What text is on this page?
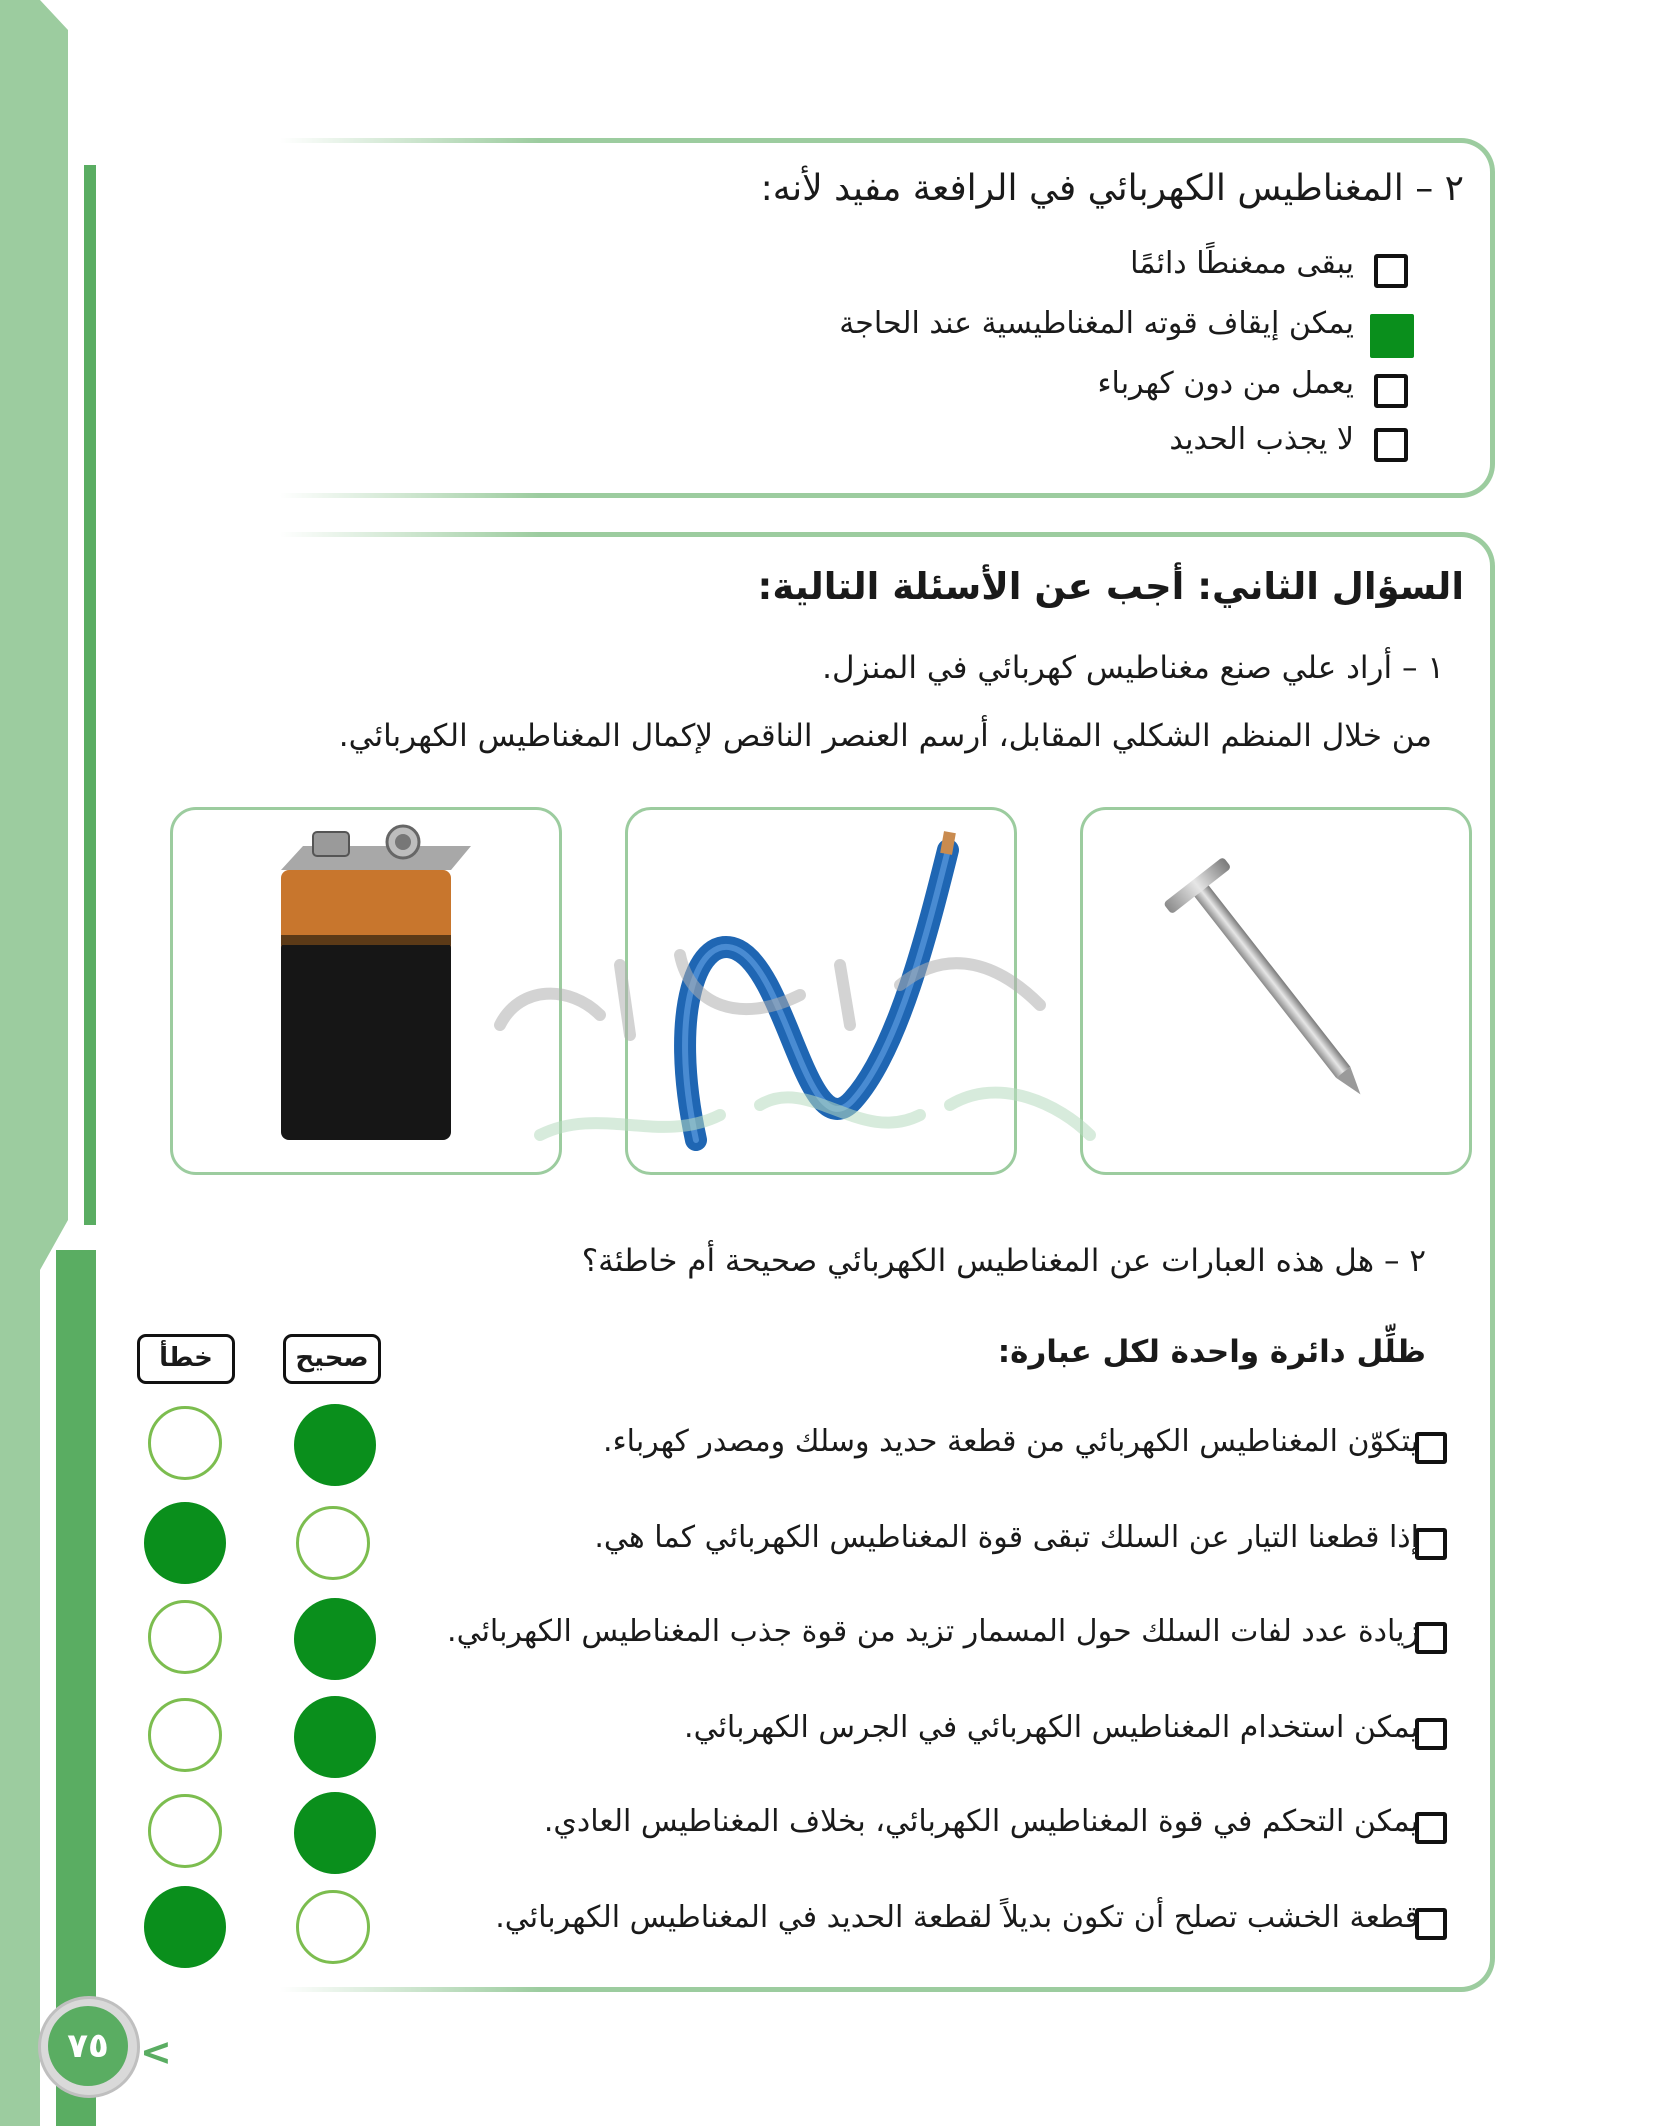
٢ – المغناطيس الكهربائي في الرافعة مفيد لأنه:
يبقى ممغنطًا دائمًا
يمكن إيقاف قوته المغناطيسية عند الحاجة
يعمل من دون كهرباء
لا يجذب الحديد
السؤال الثاني: أجب عن الأسئلة التالية:
١ – أراد علي صنع مغناطيس كهربائي في المنزل.
من خلال المنظم الشكلي المقابل، أرسم العنصر الناقص لإكمال المغناطيس الكهربائي.
٢ – هل هذه العبارات عن المغناطيس الكهربائي صحيحة أم خاطئة؟
ظلِّل دائرة واحدة لكل عبارة:
صحيح
خطأ
يتكوّن المغناطيس الكهربائي من قطعة حديد وسلك ومصدر كهرباء.
إذا قطعنا التيار عن السلك تبقى قوة المغناطيس الكهربائي كما هي.
زيادة عدد لفات السلك حول المسمار تزيد من قوة جذب المغناطيس الكهربائي.
يمكن استخدام المغناطيس الكهربائي في الجرس الكهربائي.
يمكن التحكم في قوة المغناطيس الكهربائي، بخلاف المغناطيس العادي.
قطعة الخشب تصلح أن تكون بديلاً لقطعة الحديد في المغناطيس الكهربائي.
٧٥ >
